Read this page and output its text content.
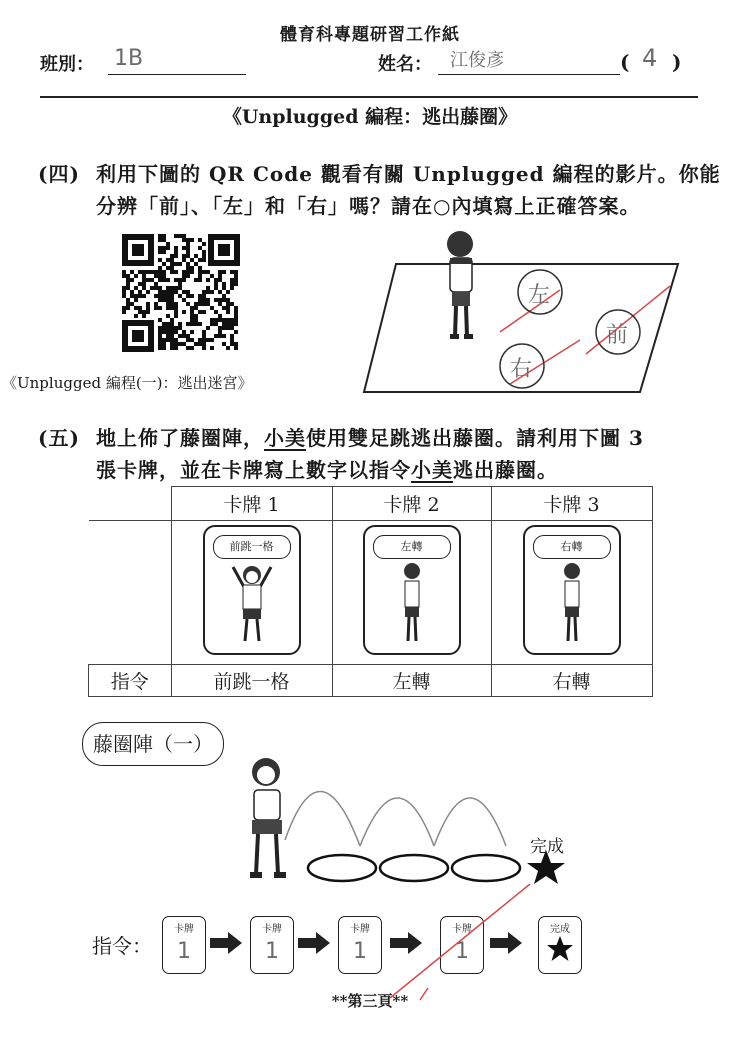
體育科專題研習工作紙
班別： 1B	姓名： 江俊彥	( 4 )
《Unplugged 編程：逃出藤圈》
(四) 利用下圖的 QR Code 觀看有關 Unplugged 編程的影片。你能
分辨「前」、「左」和「右」嗎？請在○內填寫上正確答案。
《Unplugged 編程(一)：逃出迷宮》
左
前
右
(五) 地上佈了藤圈陣，小美使用雙足跳逃出藤圈。請利用下圖 3
張卡牌，並在卡牌寫上數字以指令小美逃出藤圈。
	卡牌 1	卡牌 2	卡牌 3

	前跳一格	左轉	右轉

指令	前跳一格	左轉	右轉
藤圈陣（一）
完成
指令：
卡牌
1
卡牌
1
卡牌
1
卡牌
1
完成
**第三頁**
